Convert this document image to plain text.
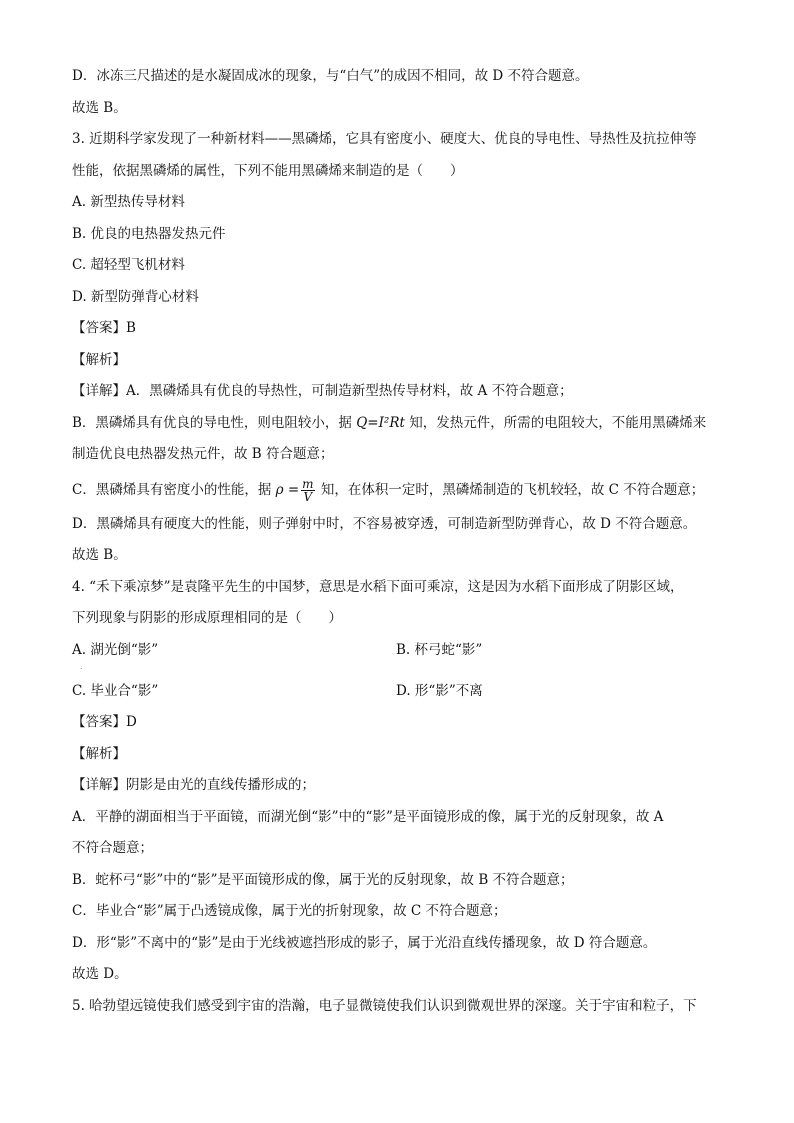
D．冰冻三尺描述的是水凝固成冰的现象，与“白气”的成因不相同，故 D 不符合题意。
故选 B。
3. 近期科学家发现了一种新材料——黑磷烯，它具有密度小、硬度大、优良的导电性、导热性及抗拉伸等
性能，依据黑磷烯的属性，下列不能用黑磷烯来制造的是（　　）
A. 新型热传导材料
B. 优良的电热器发热元件
C. 超轻型飞机材料
D. 新型防弹背心材料
【答案】B
【解析】
【详解】A．黑磷烯具有优良的导热性，可制造新型热传导材料，故 A 不符合题意；
B．黑磷烯具有优良的导电性，则电阻较小，据 Q=I²Rt 知，发热元件，所需的电阻较大，不能用黑磷烯来
制造优良电热器发热元件，故 B 符合题意；
C．黑磷烯具有密度小的性能，据 $\rho = \frac{m}{V}$ 知，在体积一定时，黑磷烯制造的飞机较轻，故 C 不符合题意；
D．黑磷烯具有硬度大的性能，则子弹射中时，不容易被穿透，可制造新型防弹背心，故 D 不符合题意。
故选 B。
4. “禾下乘凉梦”是袁隆平先生的中国梦，意思是水稻下面可乘凉，这是因为水稻下面形成了阴影区域，
下列现象与阴影的形成原理相同的是（　　）
A. 湖光倒“影”	B. 杯弓蛇“影”
.
C. 毕业合“影”	D. 形“影”不离
【答案】D
【解析】
【详解】阴影是由光的直线传播形成的；
A．平静的湖面相当于平面镜，而湖光倒“影”中的“影”是平面镜形成的像，属于光的反射现象，故 A
不符合题意；
B．蛇杯弓“影”中的“影”是平面镜形成的像，属于光的反射现象，故 B 不符合题意；
C．毕业合“影”属于凸透镜成像，属于光的折射现象，故 C 不符合题意；
D．形“影”不离中的“影”是由于光线被遮挡形成的影子，属于光沿直线传播现象，故 D 符合题意。
故选 D。
5. 哈勃望远镜使我们感受到宇宙的浩瀚，电子显微镜使我们认识到微观世界的深邃。关于宇宙和粒子，下
